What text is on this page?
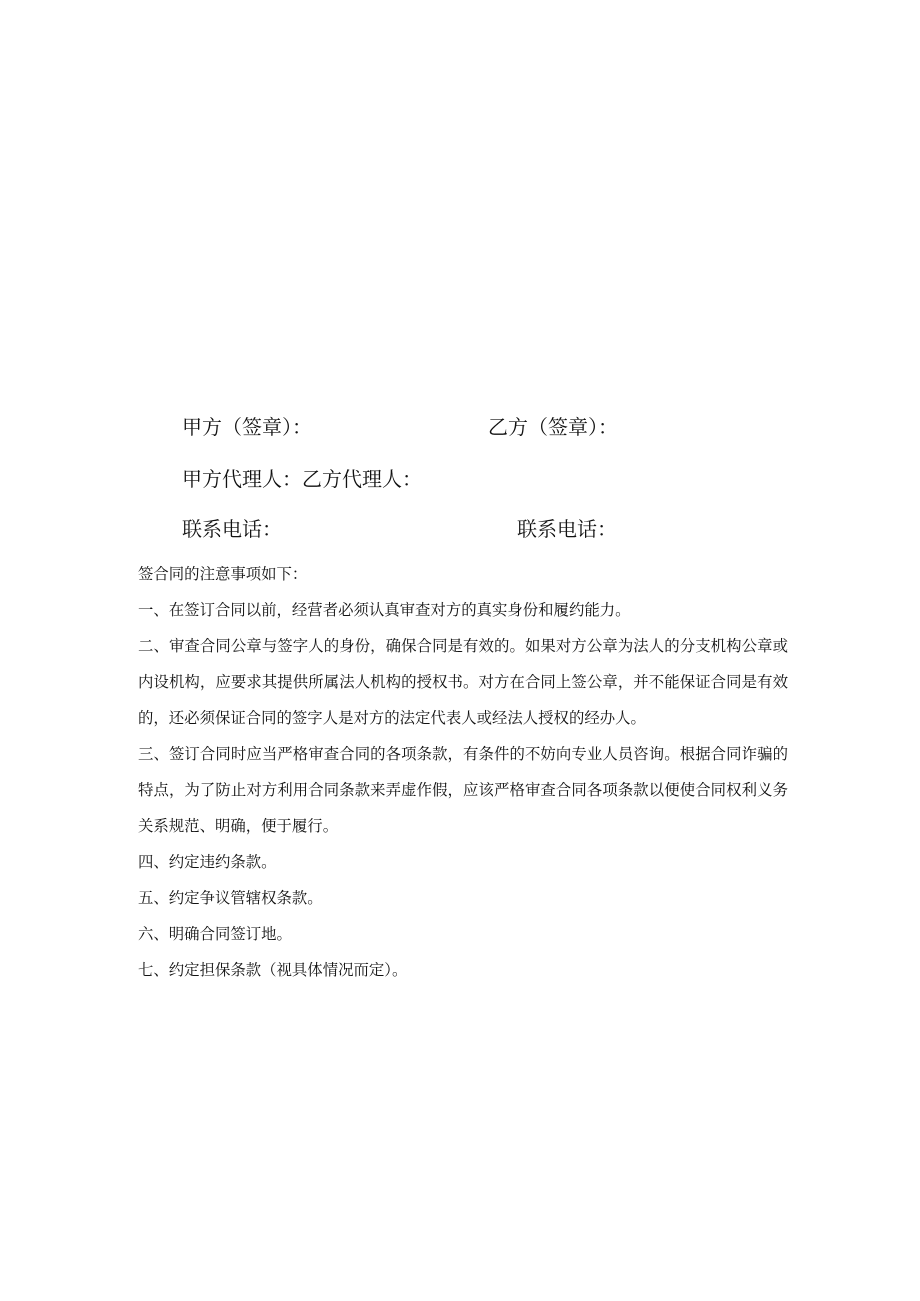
甲方（签章）：	乙方（签章）：
甲方代理人：乙方代理人：
联系电话：	联系电话：

签合同的注意事项如下：

一、在签订合同以前，经营者必须认真审查对方的真实身份和履约能力。

二、审查合同公章与签字人的身份，确保合同是有效的。如果对方公章为法人的分支机构公章或内设机构，应要求其提供所属法人机构的授权书。对方在合同上签公章，并不能保证合同是有效的，还必须保证合同的签字人是对方的法定代表人或经法人授权的经办人。

三、签订合同时应当严格审查合同的各项条款，有条件的不妨向专业人员咨询。根据合同诈骗的特点，为了防止对方利用合同条款来弄虚作假，应该严格审查合同各项条款以便使合同权利义务关系规范、明确，便于履行。

四、约定违约条款。

五、约定争议管辖权条款。

六、明确合同签订地。

七、约定担保条款（视具体情况而定）。
